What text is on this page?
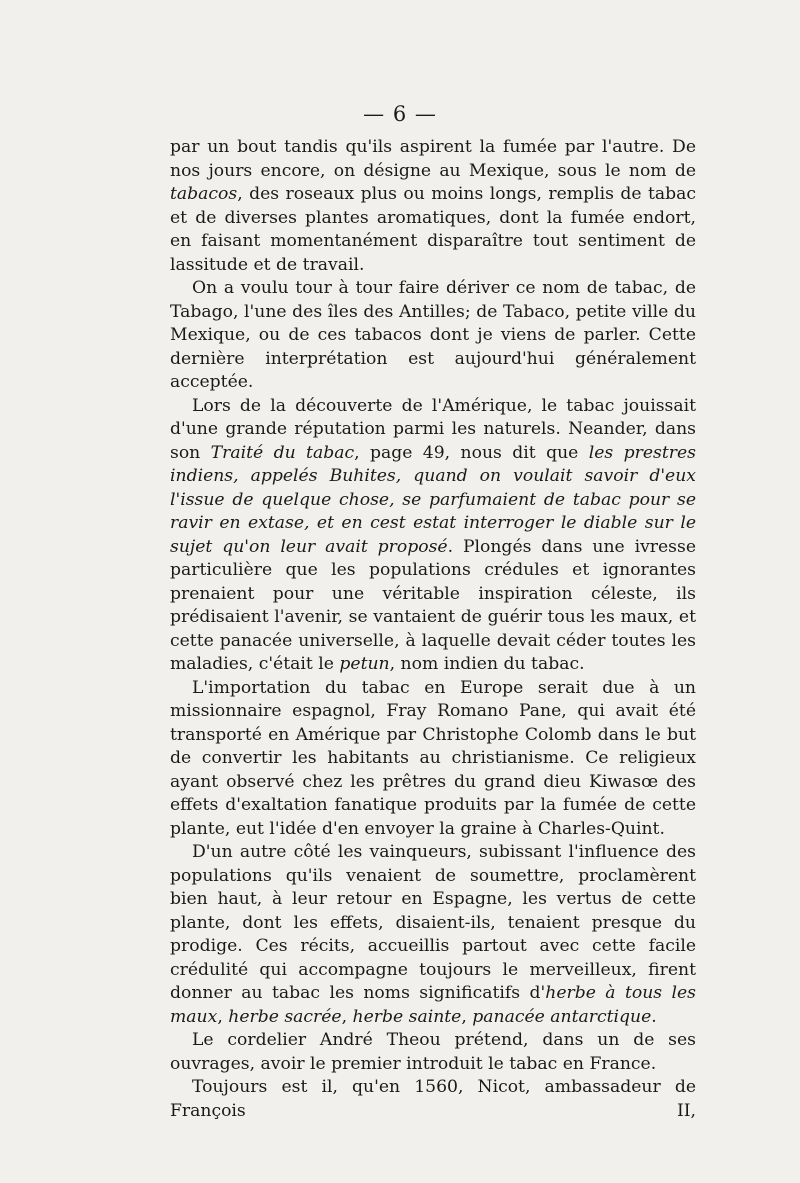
— 6 —

par un bout tandis qu'ils aspirent la fumée par l'autre. De nos jours encore, on désigne au Mexique, sous le nom de tabacos, des roseaux plus ou moins longs, remplis de tabac et de diverses plantes aromatiques, dont la fumée endort, en faisant momentanément disparaître tout sentiment de lassitude et de travail.

On a voulu tour à tour faire dériver ce nom de tabac, de Tabago, l'une des îles des Antilles; de Tabaco, petite ville du Mexique, ou de ces tabacos dont je viens de parler. Cette dernière interprétation est aujourd'hui généralement acceptée.

Lors de la découverte de l'Amérique, le tabac jouissait d'une grande réputation parmi les naturels. Neander, dans son Traité du tabac, page 49, nous dit que les prestres indiens, appelés Buhites, quand on voulait savoir d'eux l'issue de quelque chose, se parfumaient de tabac pour se ravir en extase, et en cest estat interroger le diable sur le sujet qu'on leur avait proposé. Plongés dans une ivresse particulière que les populations crédules et ignorantes prenaient pour une véritable inspiration céleste, ils prédisaient l'avenir, se vantaient de guérir tous les maux, et cette panacée universelle, à laquelle devait céder toutes les maladies, c'était le petun, nom indien du tabac.

L'importation du tabac en Europe serait due à un missionnaire espagnol, Fray Romano Pane, qui avait été transporté en Amérique par Christophe Colomb dans le but de convertir les habitants au christianisme. Ce religieux ayant observé chez les prêtres du grand dieu Kiwasœ des effets d'exaltation fanatique produits par la fumée de cette plante, eut l'idée d'en envoyer la graine à Charles-Quint.

D'un autre côté les vainqueurs, subissant l'influence des populations qu'ils venaient de soumettre, proclamèrent bien haut, à leur retour en Espagne, les vertus de cette plante, dont les effets, disaient-ils, tenaient presque du prodige. Ces récits, accueillis partout avec cette facile crédulité qui accompagne toujours le merveilleux, firent donner au tabac les noms significatifs d'herbe à tous les maux, herbe sacrée, herbe sainte, panacée antarctique.

Le cordelier André Theou prétend, dans un de ses ouvrages, avoir le premier introduit le tabac en France.

Toujours est il, qu'en 1560, Nicot, ambassadeur de François II,
